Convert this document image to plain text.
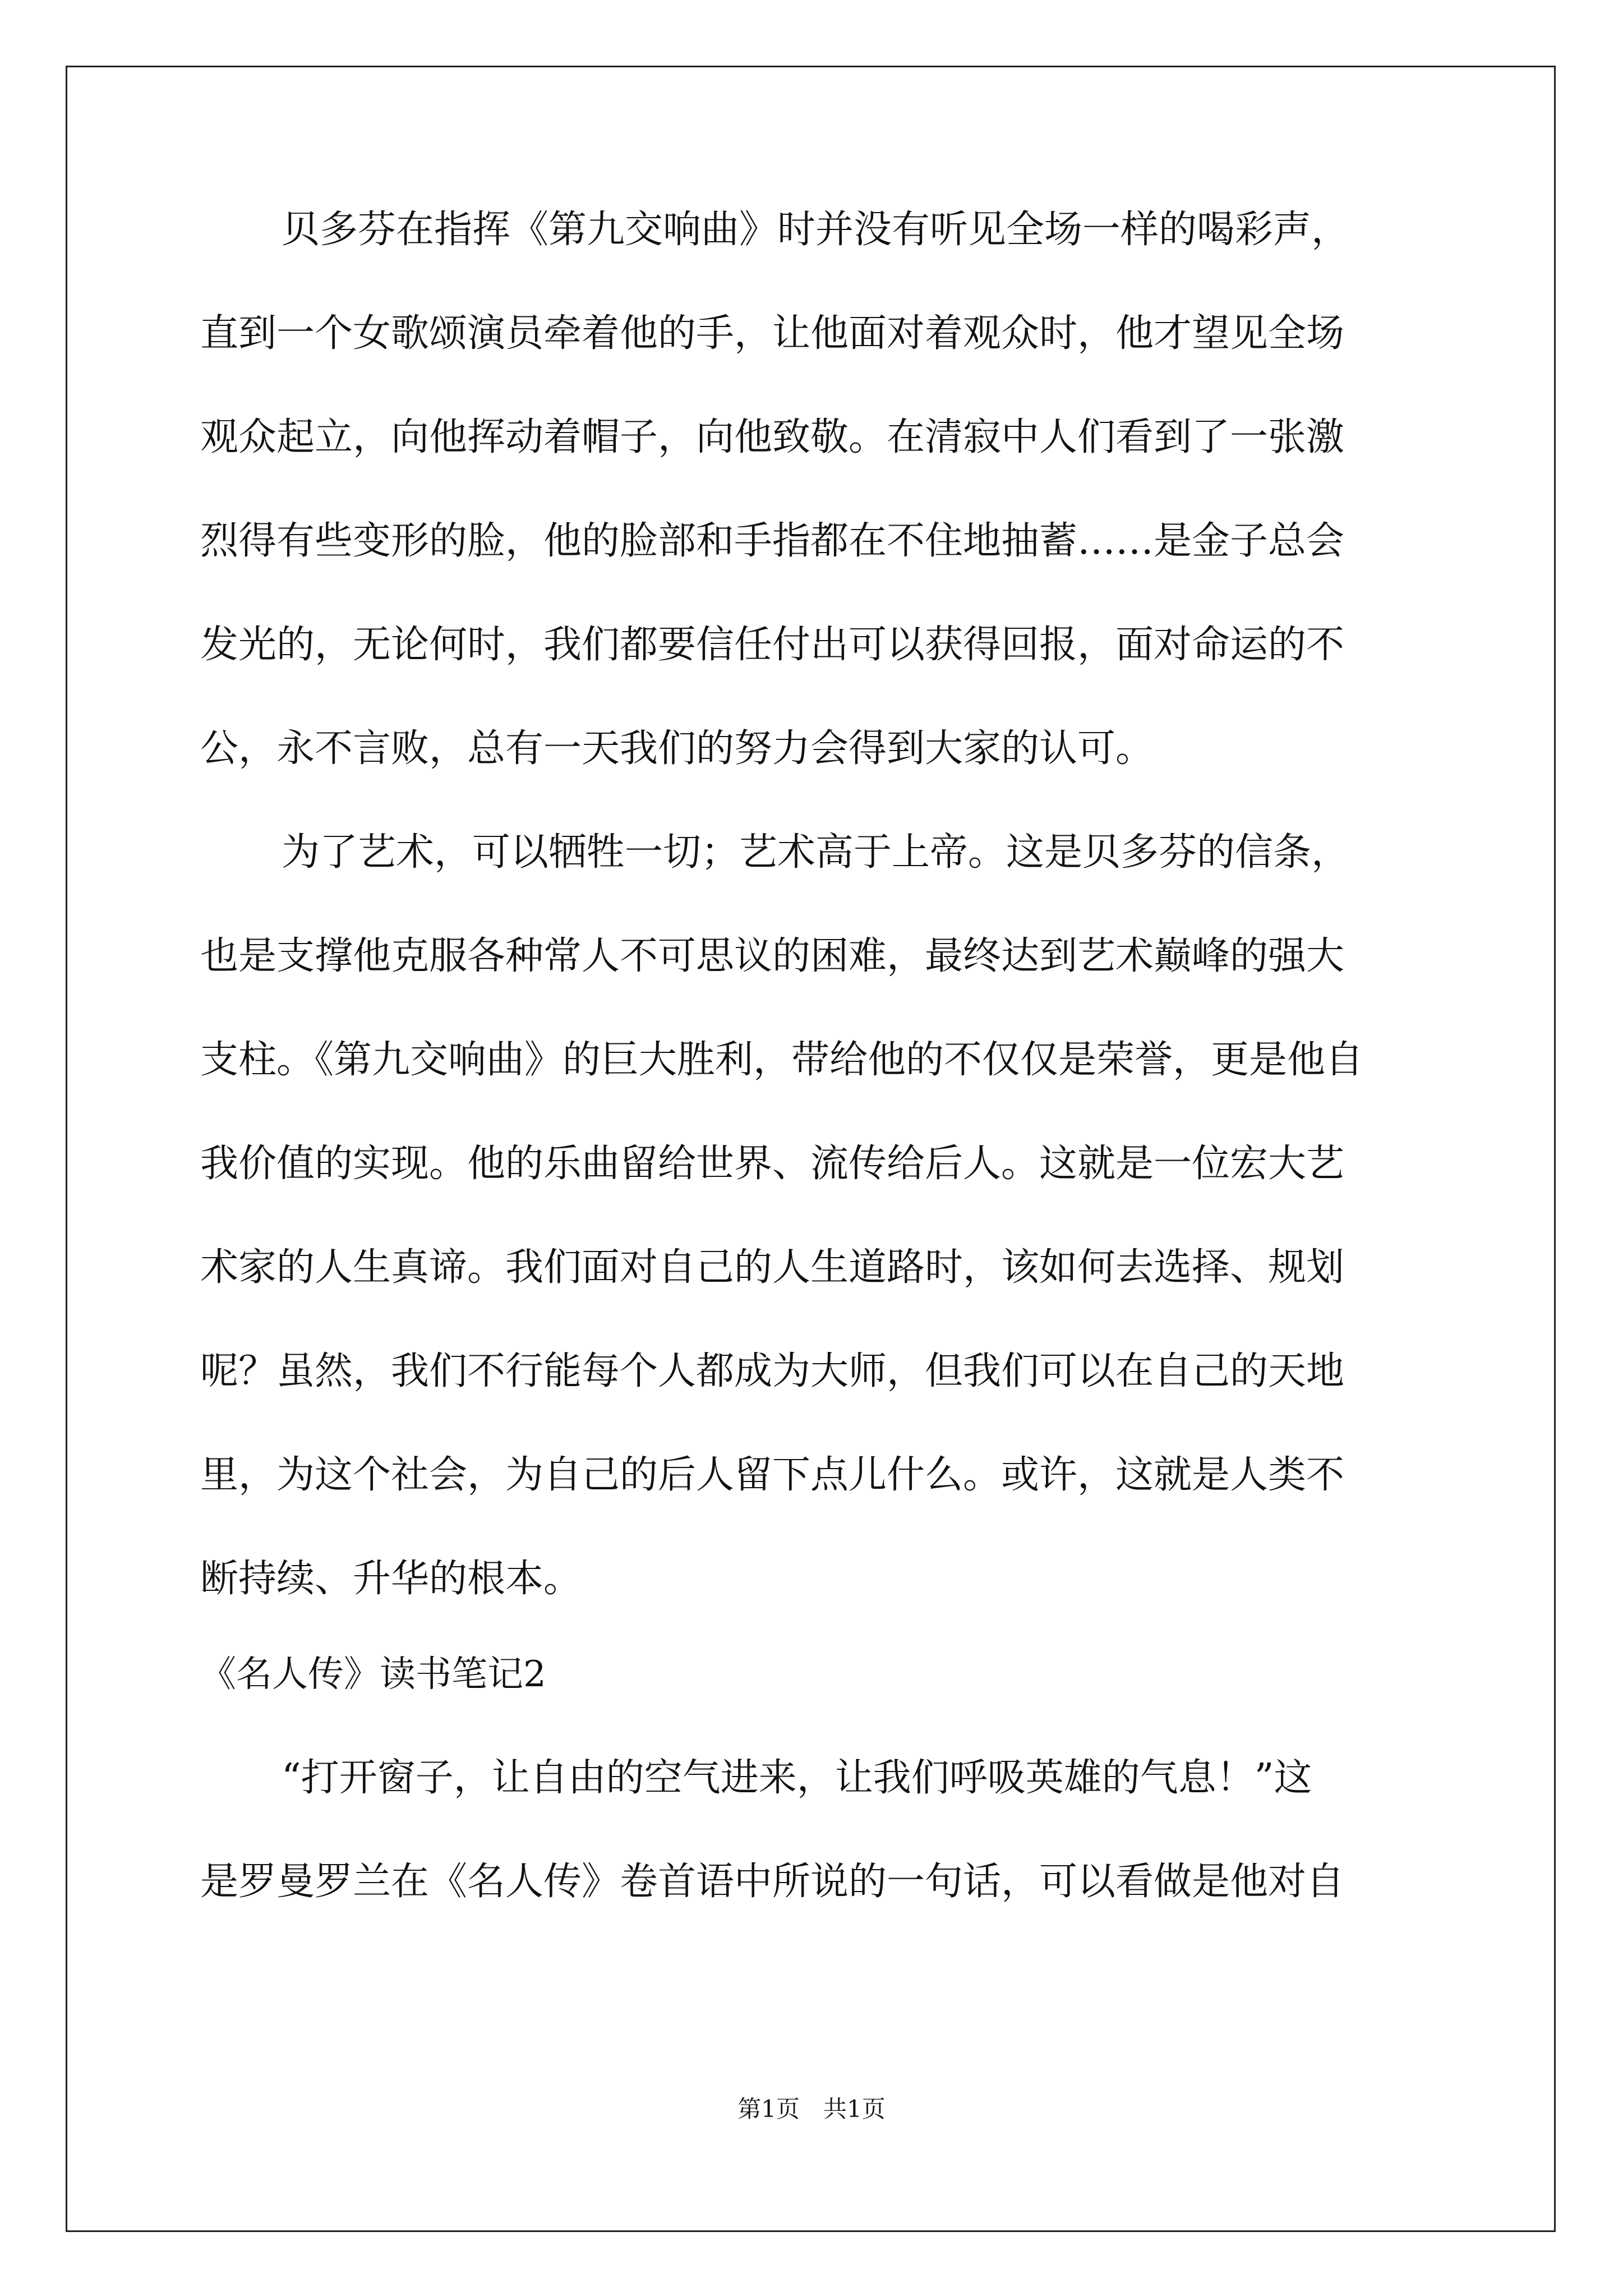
贝多芬在指挥《第九交响曲》时并没有听见全场一样的喝彩声，
直到一个女歌颂演员牵着他的手，让他面对着观众时，他才望见全场
观众起立，向他挥动着帽子，向他致敬。在清寂中人们看到了一张激
烈得有些变形的脸，他的脸部和手指都在不住地抽蓄……是金子总会
发光的，无论何时，我们都要信任付出可以获得回报，面对命运的不
公，永不言败，总有一天我们的努力会得到大家的认可。
为了艺术，可以牺牲一切；艺术高于上帝。这是贝多芬的信条，
也是支撑他克服各种常人不可思议的困难，最终达到艺术巅峰的强大
支柱。《第九交响曲》的巨大胜利，带给他的不仅仅是荣誉，更是他自
我价值的实现。他的乐曲留给世界、流传给后人。这就是一位宏大艺
术家的人生真谛。我们面对自己的人生道路时，该如何去选择、规划
呢？虽然，我们不行能每个人都成为大师，但我们可以在自己的天地
里，为这个社会，为自己的后人留下点儿什么。或许，这就是人类不
断持续、升华的根本。
《名人传》读书笔记2
“打开窗子，让自由的空气进来，让我们呼吸英雄的气息！”这
是罗曼罗兰在《名人传》卷首语中所说的一句话，可以看做是他对自
第1页　共1页
